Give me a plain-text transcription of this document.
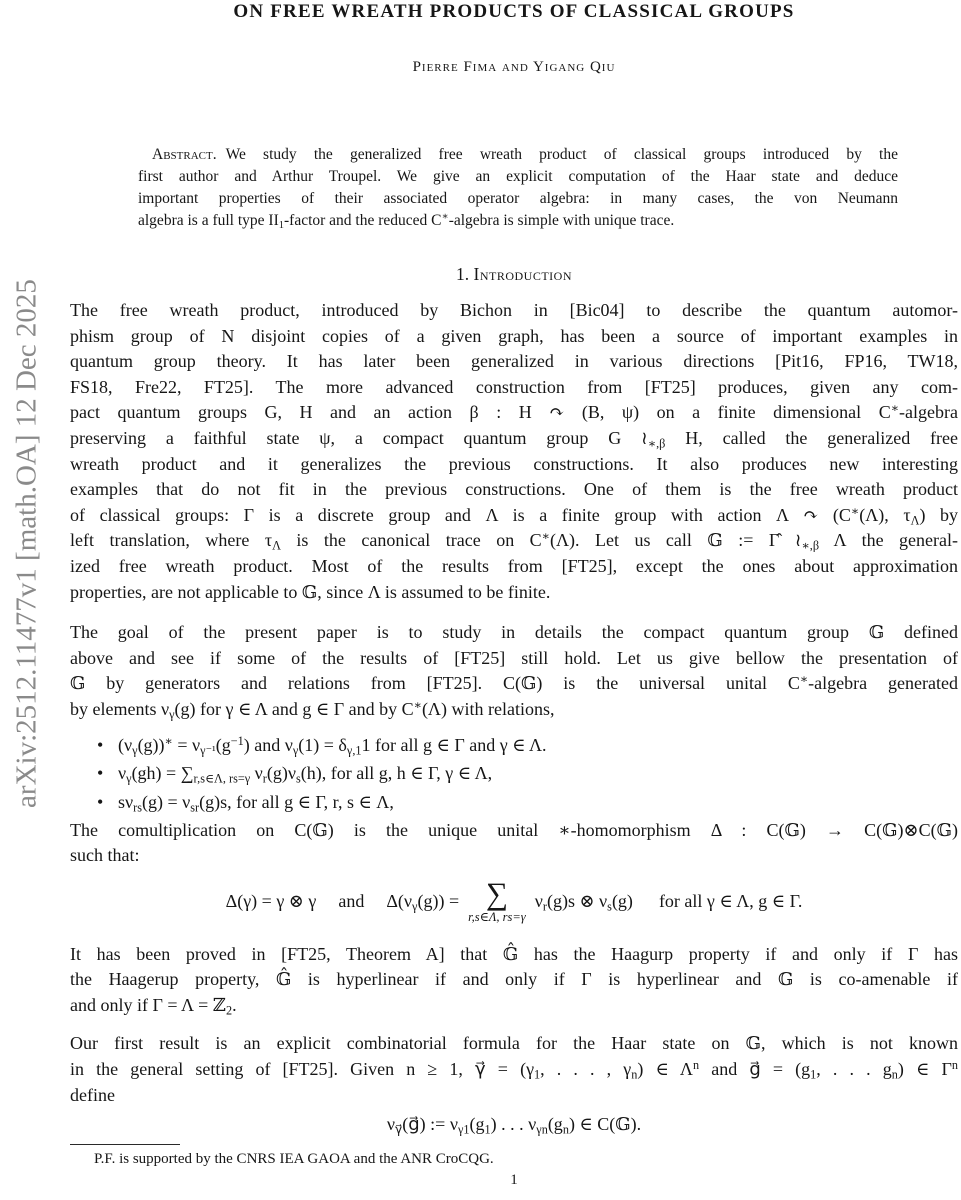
arXiv:2512.11477v1 [math.OA] 12 Dec 2025
ON FREE WREATH PRODUCTS OF CLASSICAL GROUPS
Pierre Fima and Yigang Qiu
Abstract. We study the generalized free wreath product of classical groups introduced by the
first author and Arthur Troupel. We give an explicit computation of the Haar state and deduce
important properties of their associated operator algebra: in many cases, the von Neumann
algebra is a full type $II_1$-factor and the reduced C∗-algebra is simple with unique trace.
1. Introduction
The free wreath product, introduced by Bichon in [Bic04] to describe the quantum automor-
phism group of N disjoint copies of a given graph, has been a source of important examples in
quantum group theory. It has later been generalized in various directions [Pit16, FP16, TW18,
FS18, Fre22, FT25]. The more advanced construction from [FT25] produces, given any com-
pact quantum groups G, H and an action β : H ↷ (B, ψ) on a finite dimensional C∗-algebra
preserving a faithful state ψ, a compact quantum group G $≀_{∗,\beta}$ H, called the generalized free
wreath product and it generalizes the previous constructions. It also produces new interesting
examples that do not fit in the previous constructions. One of them is the free wreath product
of classical groups: Γ is a discrete group and Λ is a finite group with action Λ ↷ (C∗(Λ), $\tau_\Lambda$) by
left translation, where $\tau_\Lambda$ is the canonical trace on C∗(Λ). Let us call 𝔾 := Γ̂ $≀_{∗,\beta}$ Λ the general-
ized free wreath product. Most of the results from [FT25], except the ones about approximation
properties, are not applicable to 𝔾, since Λ is assumed to be finite.
The goal of the present paper is to study in details the compact quantum group 𝔾 defined
above and see if some of the results of [FT25] still hold. Let us give bellow the presentation of
𝔾 by generators and relations from [FT25]. C(𝔾) is the universal unital C∗-algebra generated
by elements $\nu_\gamma(g)$ for γ ∈ Λ and g ∈ Γ and by C∗(Λ) with relations,
• $(\nu_\gamma(g))^∗ = \nu_{\gamma^{-1}}(g^{-1})$ and $\nu_\gamma(1) = \delta_{\gamma,1}1$ for all g ∈ Γ and γ ∈ Λ.
• $\nu_\gamma(gh) = \sum_{r,s\in\Lambda, rs=\gamma}$ $\nu_r(g)\nu_s(h)$, for all g, h ∈ Γ, γ ∈ Λ,
• $s\nu_{rs}(g) = \nu_{sr}(g)s$, for all g ∈ Γ, r, s ∈ Λ,
The comultiplication on C(𝔾) is the unique unital ∗-homomorphism Δ : C(𝔾) → C(𝔾)⊗C(𝔾)
such that:
Δ(γ) = γ ⊗ γ and $\Delta(\nu_\gamma(g))$ = ∑
r,s∈Λ, rs=γ
$\nu_r(g)s$ ⊗ $\nu_s(g)$ for all γ ∈ Λ, g ∈ Γ.
It has been proved in [FT25, Theorem A] that 𝔾̂ has the Haagurp property if and only if Γ has
the Haagerup property, 𝔾̂ is hyperlinear if and only if Γ is hyperlinear and 𝔾 is co-amenable if
and only if Γ = Λ = ℤ$_2$.
Our first result is an explicit combinatorial formula for the Haar state on 𝔾, which is not known
in the general setting of [FT25]. Given n ≥ 1, γ⃗ = ($\gamma_1$, . . . , $\gamma_n$) ∈ $\Lambda^n$ and g⃗ = ($g_1$, . . . $g_n$) ∈ $\Gamma^n$
define
$\nu_{\gamma⃗}(g⃗)$ := $\nu_{\gamma 1}(g_1)$ . . . $\nu_{\gamma n}(g_n)$ ∈ C(𝔾).
P.F. is supported by the CNRS IEA GAOA and the ANR CroCQG.
1
